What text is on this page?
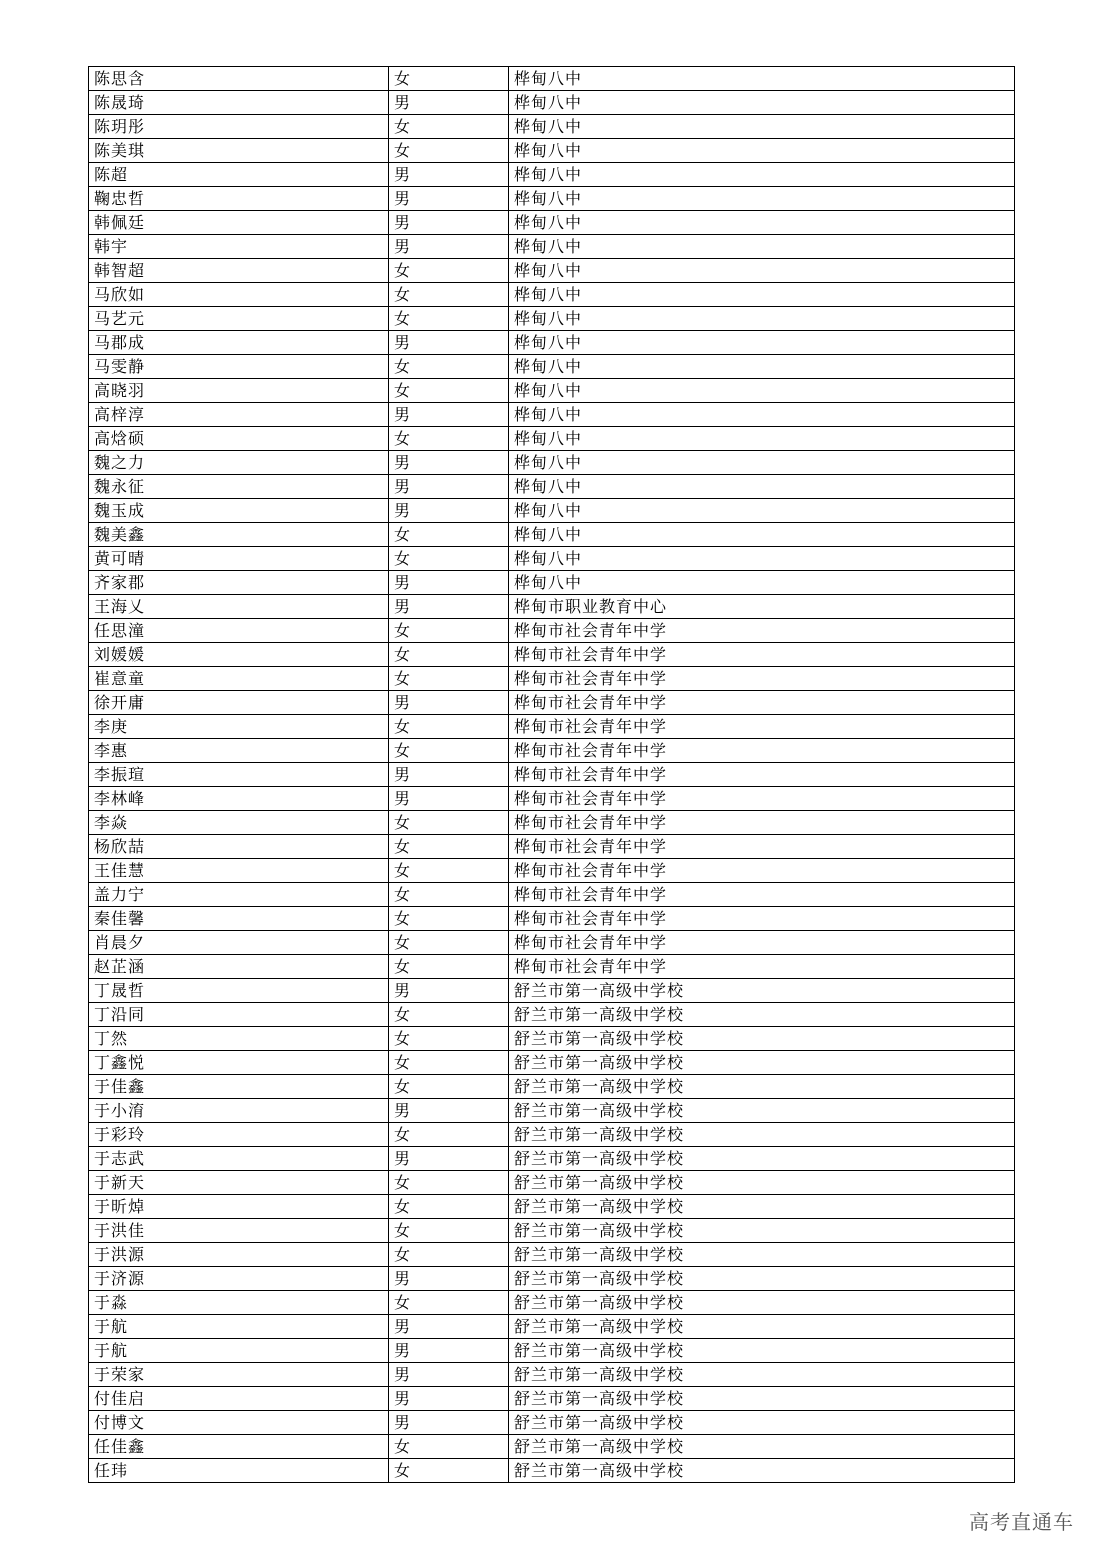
陈思含	女	桦甸八中
陈晟琦	男	桦甸八中
陈玥彤	女	桦甸八中
陈美琪	女	桦甸八中
陈超	男	桦甸八中
鞠忠哲	男	桦甸八中
韩佩廷	男	桦甸八中
韩宇	男	桦甸八中
韩智超	女	桦甸八中
马欣如	女	桦甸八中
马艺元	女	桦甸八中
马郡成	男	桦甸八中
马雯静	女	桦甸八中
高晓羽	女	桦甸八中
高梓淳	男	桦甸八中
高焓硕	女	桦甸八中
魏之力	男	桦甸八中
魏永征	男	桦甸八中
魏玉成	男	桦甸八中
魏美鑫	女	桦甸八中
黄可晴	女	桦甸八中
齐家郡	男	桦甸八中
王海乂	男	桦甸市职业教育中心
任思潼	女	桦甸市社会青年中学
刘媛媛	女	桦甸市社会青年中学
崔意童	女	桦甸市社会青年中学
徐开庸	男	桦甸市社会青年中学
李庚	女	桦甸市社会青年中学
李惠	女	桦甸市社会青年中学
李振瑄	男	桦甸市社会青年中学
李林峰	男	桦甸市社会青年中学
李焱	女	桦甸市社会青年中学
杨欣喆	女	桦甸市社会青年中学
王佳慧	女	桦甸市社会青年中学
盖力宁	女	桦甸市社会青年中学
秦佳馨	女	桦甸市社会青年中学
肖晨夕	女	桦甸市社会青年中学
赵芷涵	女	桦甸市社会青年中学
丁晟哲	男	舒兰市第一高级中学校
丁沿同	女	舒兰市第一高级中学校
丁然	女	舒兰市第一高级中学校
丁鑫悦	女	舒兰市第一高级中学校
于佳鑫	女	舒兰市第一高级中学校
于小淯	男	舒兰市第一高级中学校
于彩玲	女	舒兰市第一高级中学校
于志武	男	舒兰市第一高级中学校
于新天	女	舒兰市第一高级中学校
于昕焯	女	舒兰市第一高级中学校
于洪佳	女	舒兰市第一高级中学校
于洪源	女	舒兰市第一高级中学校
于济源	男	舒兰市第一高级中学校
于淼	女	舒兰市第一高级中学校
于航	男	舒兰市第一高级中学校
于航	男	舒兰市第一高级中学校
于荣家	男	舒兰市第一高级中学校
付佳启	男	舒兰市第一高级中学校
付博文	男	舒兰市第一高级中学校
任佳鑫	女	舒兰市第一高级中学校
任玮	女	舒兰市第一高级中学校
高考直通车
